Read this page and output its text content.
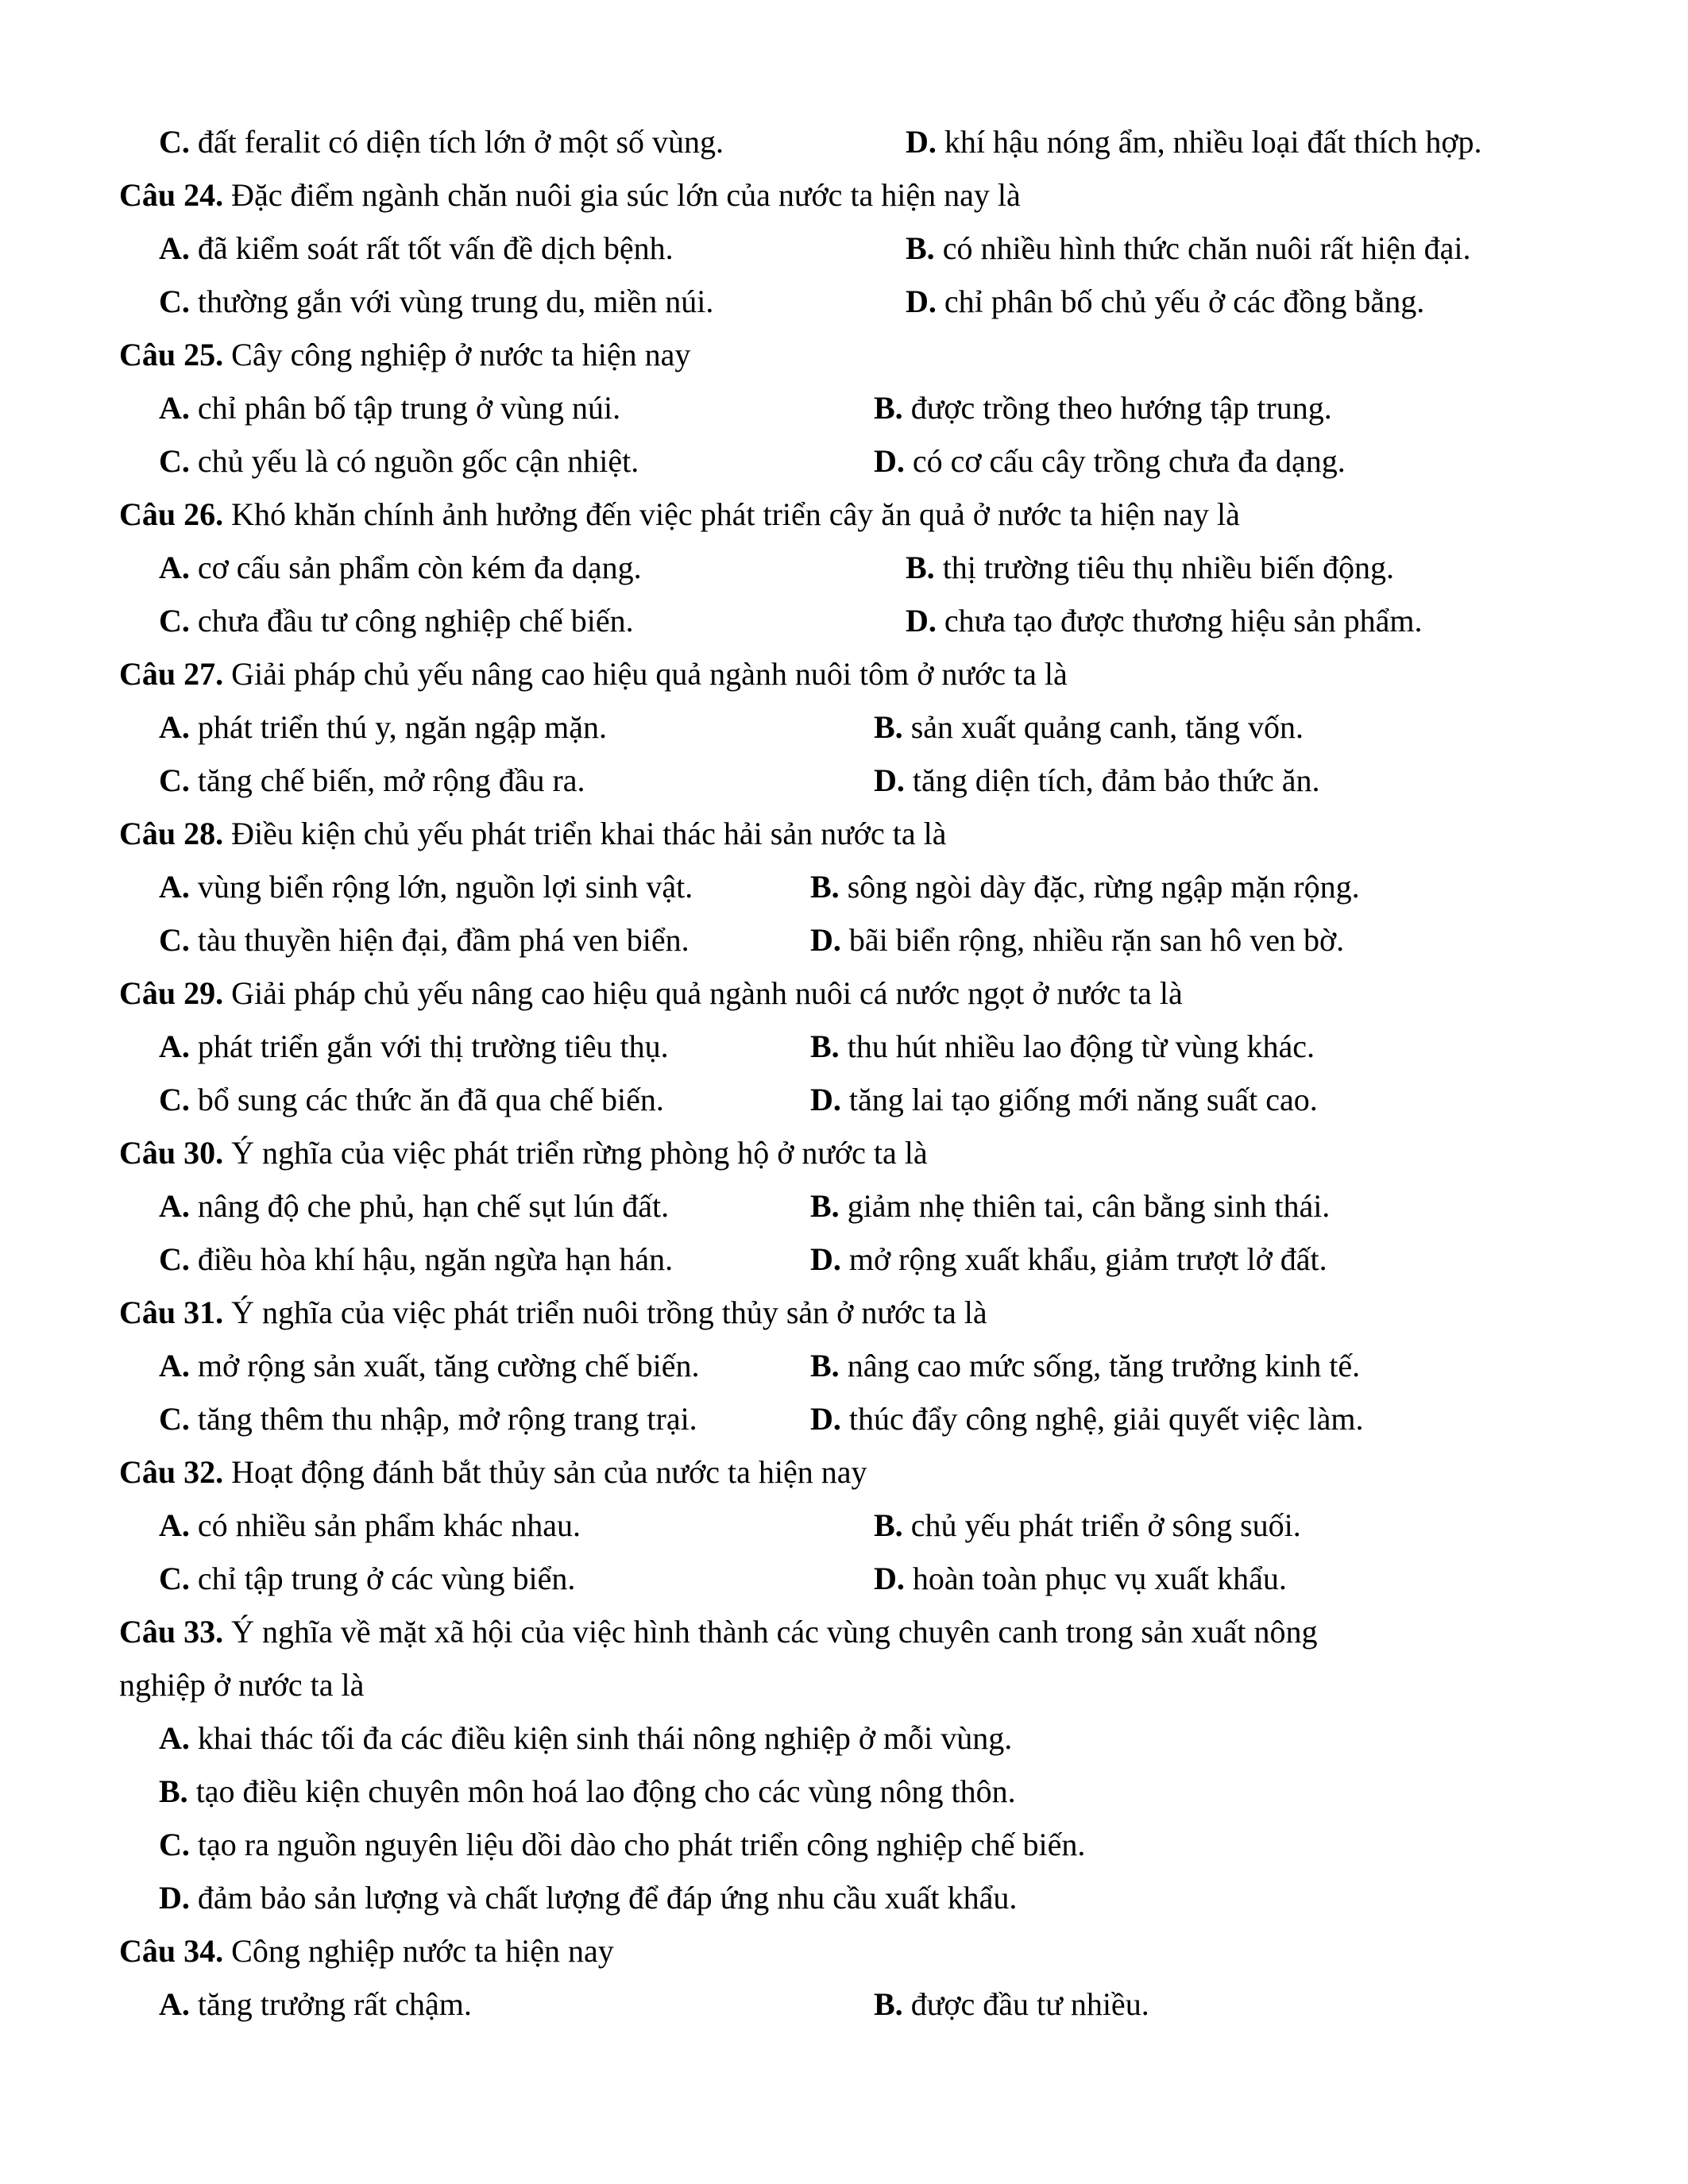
C. đất feralit có diện tích lớn ở một số vùng.	D. khí hậu nóng ẩm, nhiều loại đất thích hợp.
Câu 24. Đặc điểm ngành chăn nuôi gia súc lớn của nước ta hiện nay là
A. đã kiểm soát rất tốt vấn đề dịch bệnh.	B. có nhiều hình thức chăn nuôi rất hiện đại.
C. thường gắn với vùng trung du, miền núi.	D. chỉ phân bố chủ yếu ở các đồng bằng.
Câu 25. Cây công nghiệp ở nước ta hiện nay
A. chỉ phân bố tập trung ở vùng núi.	B. được trồng theo hướng tập trung.
C. chủ yếu là có nguồn gốc cận nhiệt.	D. có cơ cấu cây trồng chưa đa dạng.
Câu 26. Khó khăn chính ảnh hưởng đến việc phát triển cây ăn quả ở nước ta hiện nay là
A. cơ cấu sản phẩm còn kém đa dạng.	B. thị trường tiêu thụ nhiều biến động.
C. chưa đầu tư công nghiệp chế biến.	D. chưa tạo được thương hiệu sản phẩm.
Câu 27. Giải pháp chủ yếu nâng cao hiệu quả ngành nuôi tôm ở nước ta là
A. phát triển thú y, ngăn ngập mặn.	B. sản xuất quảng canh, tăng vốn.
C. tăng chế biến, mở rộng đầu ra.	D. tăng diện tích, đảm bảo thức ăn.
Câu 28. Điều kiện chủ yếu phát triển khai thác hải sản nước ta là
A. vùng biển rộng lớn, nguồn lợi sinh vật.	B. sông ngòi dày đặc, rừng ngập mặn rộng.
C. tàu thuyền hiện đại, đầm phá ven biển.	D. bãi biển rộng, nhiều rặn san hô ven bờ.
Câu 29. Giải pháp chủ yếu nâng cao hiệu quả ngành nuôi cá nước ngọt ở nước ta là
A. phát triển gắn với thị trường tiêu thụ.	B. thu hút nhiều lao động từ vùng khác.
C. bổ sung các thức ăn đã qua chế biến.	D. tăng lai tạo giống mới năng suất cao.
Câu 30. Ý nghĩa của việc phát triển rừng phòng hộ ở nước ta là
A. nâng độ che phủ, hạn chế sụt lún đất.	B. giảm nhẹ thiên tai, cân bằng sinh thái.
C. điều hòa khí hậu, ngăn ngừa hạn hán.	D. mở rộng xuất khẩu, giảm trượt lở đất.
Câu 31. Ý nghĩa của việc phát triển nuôi trồng thủy sản ở nước ta là
A. mở rộng sản xuất, tăng cường chế biến.	B. nâng cao mức sống, tăng trưởng kinh tế.
C. tăng thêm thu nhập, mở rộng trang trại.	D. thúc đẩy công nghệ, giải quyết việc làm.
Câu 32. Hoạt động đánh bắt thủy sản của nước ta hiện nay
A. có nhiều sản phẩm khác nhau.	B. chủ yếu phát triển ở sông suối.
C. chỉ tập trung ở các vùng biển.	D. hoàn toàn phục vụ xuất khẩu.
Câu 33. Ý nghĩa về mặt xã hội của việc hình thành các vùng chuyên canh trong sản xuất nông
nghiệp ở nước ta là
A. khai thác tối đa các điều kiện sinh thái nông nghiệp ở mỗi vùng.
B. tạo điều kiện chuyên môn hoá lao động cho các vùng nông thôn.
C. tạo ra nguồn nguyên liệu dồi dào cho phát triển công nghiệp chế biến.
D. đảm bảo sản lượng và chất lượng để đáp ứng nhu cầu xuất khẩu.
Câu 34. Công nghiệp nước ta hiện nay
A. tăng trưởng rất chậm.	B. được đầu tư nhiều.
